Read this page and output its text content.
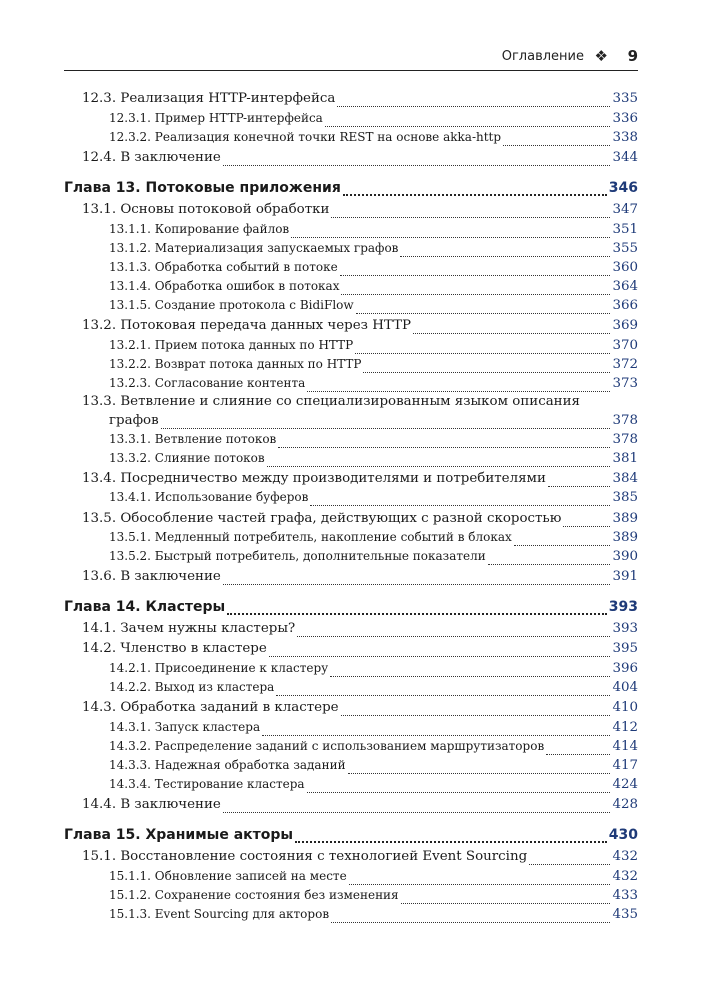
Оглавление ❖ 9
12.3. Реализация HTTP-интерфейса	335
12.3.1. Пример HTTP-интерфейса	336
12.3.2. Реализация конечной точки REST на основе akka-http	338
12.4. В заключение	344
Глава 13. Потоковые приложения	346
13.1. Основы потоковой обработки	347
13.1.1. Копирование файлов	351
13.1.2. Материализация запускаемых графов	355
13.1.3. Обработка событий в потоке	360
13.1.4. Обработка ошибок в потоках	364
13.1.5. Создание протокола с BidiFlow	366
13.2. Потоковая передача данных через HTTP	369
13.2.1. Прием потока данных по HTTP	370
13.2.2. Возврат потока данных по HTTP	372
13.2.3. Согласование контента	373
13.3. Ветвление и слияние со специализированным языком описания
графов	378
13.3.1. Ветвление потоков	378
13.3.2. Слияние потоков	381
13.4. Посредничество между производителями и потребителями	384
13.4.1. Использование буферов	385
13.5. Обособление частей графа, действующих с разной скоростью	389
13.5.1. Медленный потребитель, накопление событий в блоках	389
13.5.2. Быстрый потребитель, дополнительные показатели	390
13.6. В заключение	391
Глава 14. Кластеры	393
14.1. Зачем нужны кластеры?	393
14.2. Членство в кластере	395
14.2.1. Присоединение к кластеру	396
14.2.2. Выход из кластера	404
14.3. Обработка заданий в кластере	410
14.3.1. Запуск кластера	412
14.3.2. Распределение заданий с использованием маршрутизаторов	414
14.3.3. Надежная обработка заданий	417
14.3.4. Тестирование кластера	424
14.4. В заключение	428
Глава 15. Хранимые акторы	430
15.1. Восстановление состояния с технологией Event Sourcing	432
15.1.1. Обновление записей на месте	432
15.1.2. Сохранение состояния без изменения	433
15.1.3. Event Sourcing для акторов	435
